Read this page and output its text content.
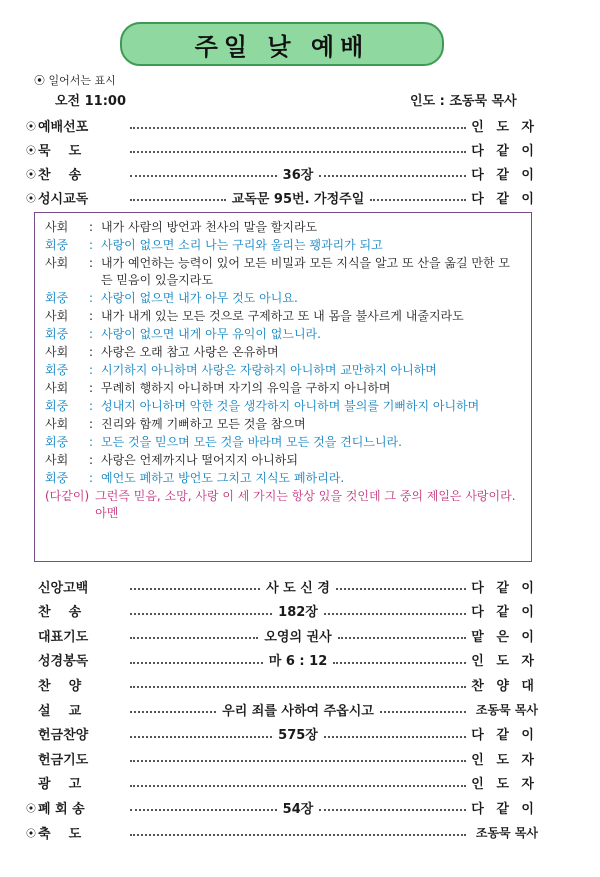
주일 낮 예배
⦿ 일어서는 표시
오전 11:00	인도 : 조동묵 목사
⦿ 예배선포	인 도 자
⦿ 묵    도	다 같 이
⦿ 찬    송	36장	다 같 이
⦿ 성시교독	교독문 95번. 가정주일	다 같 이
사회	: 내가 사람의 방언과 천사의 말을 할지라도
회중	: 사랑이 없으면 소리 나는 구리와 울리는 꽹과리가 되고
사회	: 내가 예언하는 능력이 있어 모든 비밀과 모든 지식을 알고 또 산을 옮길 만한 모든 믿음이 있을지라도
회중	: 사랑이 없으면 내가 아무 것도 아니요.
사회	: 내가 내게 있는 모든 것으로 구제하고 또 내 몸을 불사르게 내줄지라도
회중	: 사랑이 없으면 내게 아무 유익이 없느니라.
사회	: 사랑은 오래 참고 사랑은 온유하며
회중	: 시기하지 아니하며 사랑은 자랑하지 아니하며 교만하지 아니하며
사회	: 무례히 행하지 아니하며 자기의 유익을 구하지 아니하며
회중	: 성내지 아니하며 악한 것을 생각하지 아니하며 불의를 기뻐하지 아니하며
사회	: 진리와 함께 기뻐하고 모든 것을 참으며
회중	: 모든 것을 믿으며 모든 것을 바라며 모든 것을 견디느니라.
사회	: 사랑은 언제까지나 떨어지지 아니하되
회중	: 예언도 폐하고 방언도 그치고 지식도 폐하리라.
(다같이) 그런즉 믿음, 소망, 사랑 이 세 가지는 항상 있을 것인데 그 중의 제일은 사랑이라. 아멘
신앙고백	사 도 신 경	다 같 이
찬    송	182장	다 같 이
대표기도	오영의 권사	맡 은 이
성경봉독	마 6 : 12	인 도 자
찬    양	찬 양 대
설    교	우리 죄를 사하여 주옵시고	조동묵 목사
헌금찬양	575장	다 같 이
헌금기도	인 도 자
광    고	인 도 자
⦿ 폐 회 송	54장	다 같 이
⦿ 축    도	조동묵 목사
